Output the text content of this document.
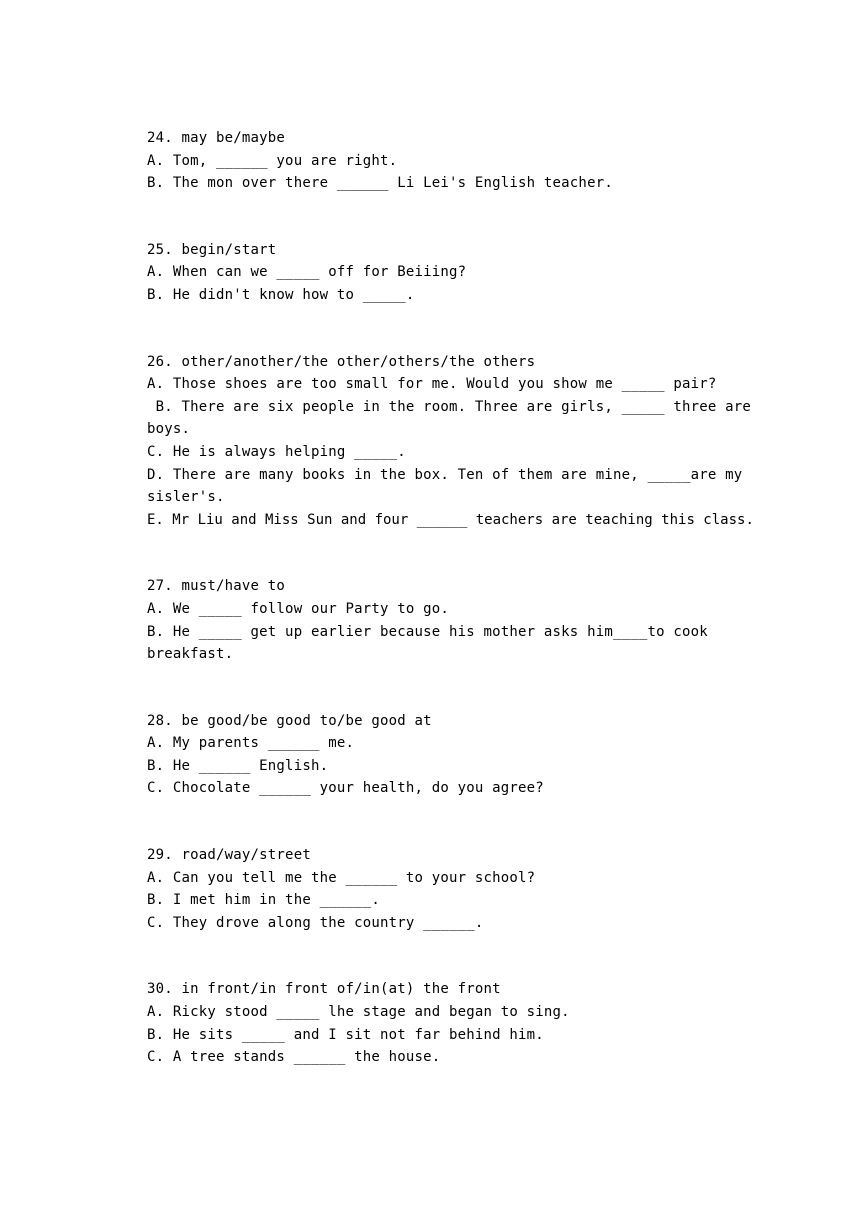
24. may be/maybe
A. Tom, ______ you are right.
B. The mon over there ______ Li Lei's English teacher.
25. begin/start
A. When can we _____ off for Beiiing?
B. He didn't know how to _____.
26. other/another/the other/others/the others
A. Those shoes are too small for me. Would you show me _____ pair?
B. There are six people in the room. Three are girls, _____ three are
boys.
C. He is always helping _____.
D. There are many books in the box. Ten of them are mine, _____are my
sisler's.
E. Mr Liu and Miss Sun and four ______ teachers are teaching this class.
27. must/have to
A. We _____ follow our Party to go.
B. He _____ get up earlier because his mother asks him____to cook
breakfast.
28. be good/be good to/be good at
A. My parents ______ me.
B. He ______ English.
C. Chocolate ______ your health, do you agree?
29. road/way/street
A. Can you tell me the ______ to your school?
B. I met him in the ______.
C. They drove along the country ______.
30. in front/in front of/in(at) the front
A. Ricky stood _____ lhe stage and began to sing.
B. He sits _____ and I sit not far behind him.
C. A tree stands ______ the house.
